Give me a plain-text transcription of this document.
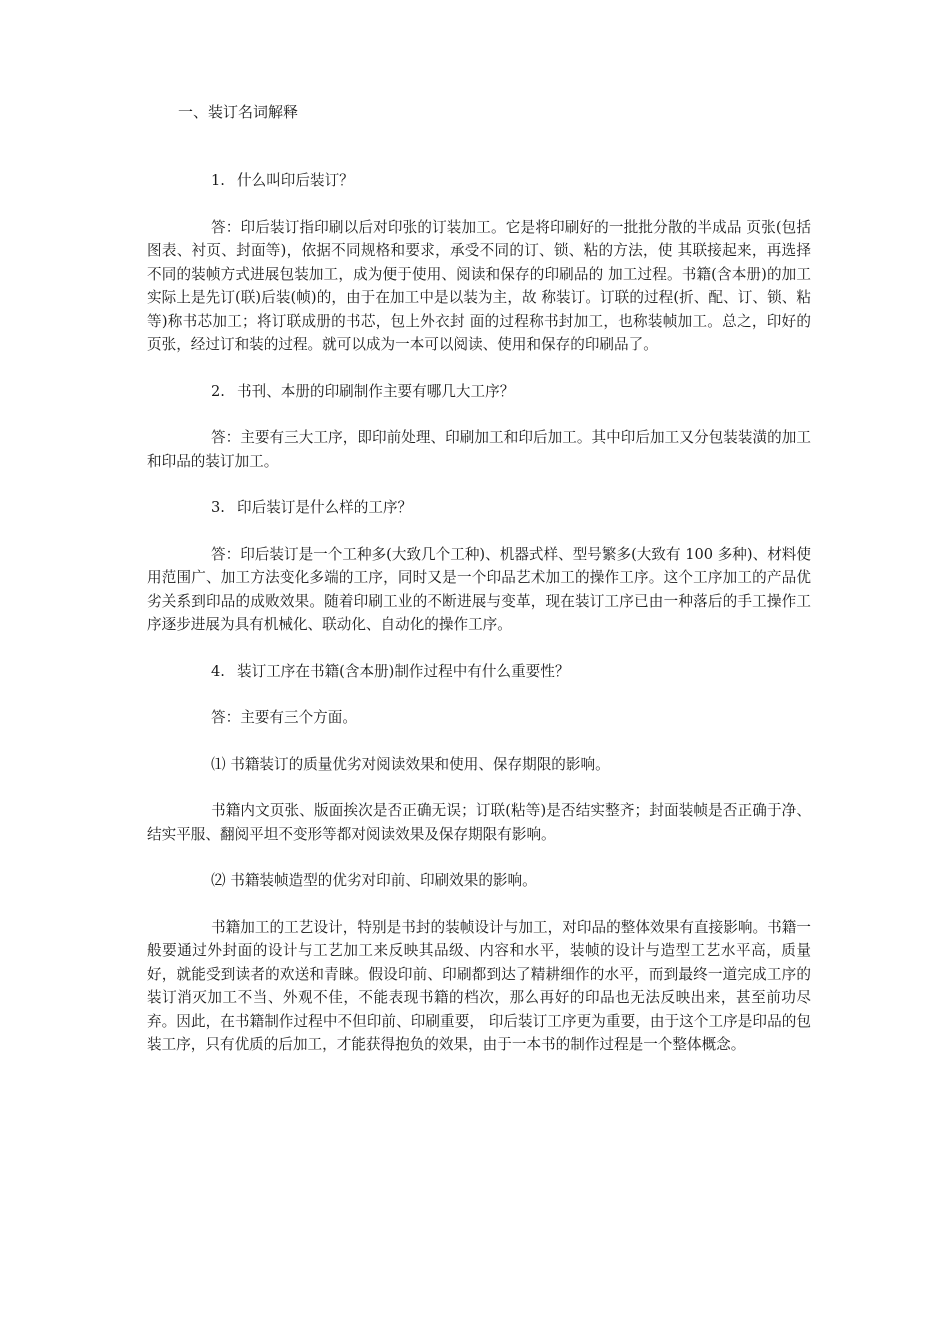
一、装订名词解释
1. 什么叫印后装订？
答：印后装订指印刷以后对印张的订装加工。它是将印刷好的一批批分散的半成品 页张(包括图表、衬页、封面等)，依据不同规格和要求，承受不同的订、锁、粘的方法，使 其联接起来，再选择不同的装帧方式进展包装加工，成为便于使用、阅读和保存的印刷品的 加工过程。书籍(含本册)的加工实际上是先订(联)后装(帧)的，由于在加工中是以装为主，故 称装订。订联的过程(折、配、订、锁、粘等)称书芯加工；将订联成册的书芯，包上外衣封 面的过程称书封加工，也称装帧加工。总之，印好的页张，经过订和装的过程。就可以成为一本可以阅读、使用和保存的印刷品了。
2. 书刊、本册的印刷制作主要有哪几大工序？
答：主要有三大工序，即印前处理、印刷加工和印后加工。其中印后加工又分包装装潢的加工和印品的装订加工。
3. 印后装订是什么样的工序？
答：印后装订是一个工种多(大致几个工种)、机器式样、型号繁多(大致有 100 多种)、材料使用范围广、加工方法变化多端的工序，同时又是一个印品艺术加工的操作工序。这个工序加工的产品优劣关系到印品的成败效果。随着印刷工业的不断进展与变革，现在装订工序已由一种落后的手工操作工序逐步进展为具有机械化、联动化、自动化的操作工序。
4. 装订工序在书籍(含本册)制作过程中有什么重要性？
答：主要有三个方面。
⑴ 书籍装订的质量优劣对阅读效果和使用、保存期限的影响。
书籍内文页张、版面挨次是否正确无误；订联(粘等)是否结实整齐；封面装帧是否正确于净、结实平服、翻阅平坦不变形等都对阅读效果及保存期限有影响。
⑵ 书籍装帧造型的优劣对印前、印刷效果的影响。
书籍加工的工艺设计，特别是书封的装帧设计与加工，对印品的整体效果有直接影响。书籍一般要通过外封面的设计与工艺加工来反映其品级、内容和水平，装帧的设计与造型工艺水平高，质量好，就能受到读者的欢送和青睐。假设印前、印刷都到达了精耕细作的水平，而到最终一道完成工序的装订消灭加工不当、外观不佳，不能表现书籍的档次，那么再好的印品也无法反映出来，甚至前功尽弃。因此，在书籍制作过程中不但印前、印刷重要， 印后装订工序更为重要，由于这个工序是印品的包装工序，只有优质的后加工，才能获得抱负的效果，由于一本书的制作过程是一个整体概念。
